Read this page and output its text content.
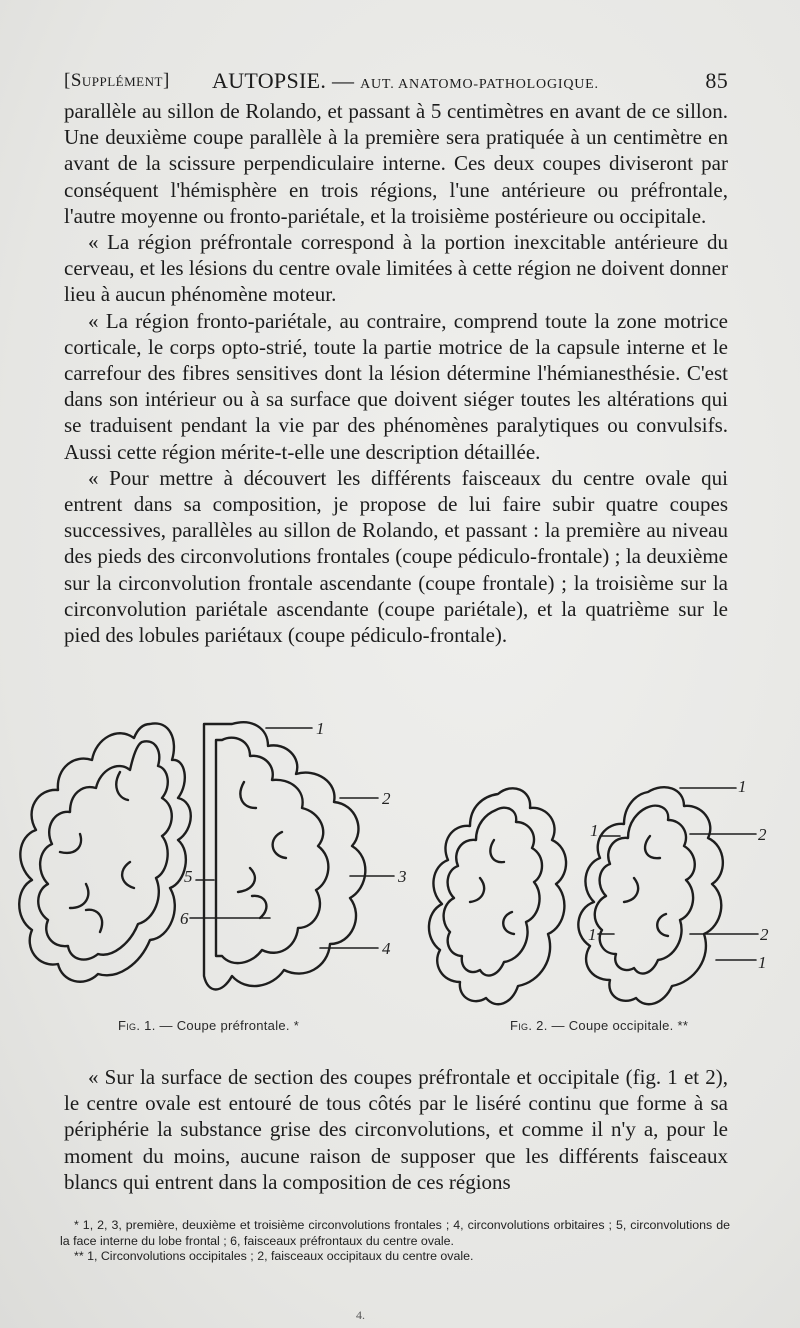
[Supplément] AUTOPSIE. — AUT. ANATOMO-PATHOLOGIQUE.	85

parallèle au sillon de Rolando, et passant à 5 centimètres en avant de ce sillon. Une deuxième coupe parallèle à la première sera pratiquée à un centimètre en avant de la scissure perpendiculaire interne. Ces deux coupes diviseront par conséquent l'hémisphère en trois régions, l'une antérieure ou préfrontale, l'autre moyenne ou fronto-pariétale, et la troisième postérieure ou occipitale.

« La région préfrontale correspond à la portion inexcitable antérieure du cerveau, et les lésions du centre ovale limitées à cette région ne doivent donner lieu à aucun phénomène moteur.

« La région fronto-pariétale, au contraire, comprend toute la zone motrice corticale, le corps opto-strié, toute la partie motrice de la capsule interne et le carrefour des fibres sensitives dont la lésion détermine l'hémianesthésie. C'est dans son intérieur ou à sa surface que doivent siéger toutes les altérations qui se traduisent pendant la vie par des phénomènes paralytiques ou convulsifs. Aussi cette région mérite-t-elle une description détaillée.

« Pour mettre à découvert les différents faisceaux du centre ovale qui entrent dans sa composition, je propose de lui faire subir quatre coupes successives, parallèles au sillon de Rolando, et passant : la première au niveau des pieds des circonvolutions frontales (coupe pédiculo-frontale) ; la deuxième sur la circonvolution frontale ascendante (coupe frontale) ; la troisième sur la circonvolution pariétale ascendante (coupe pariétale), et la quatrième sur le pied des lobules pariétaux (coupe pédiculo-frontale).

1
2
3
4
5
6
1
2
1
2
1
1
Fig. 1. — Coupe préfrontale. *	Fig. 2. — Coupe occipitale. **

« Sur la surface de section des coupes préfrontale et occipitale (fig. 1 et 2), le centre ovale est entouré de tous côtés par le liséré continu que forme à sa périphérie la substance grise des circonvolutions, et comme il n'y a, pour le moment du moins, aucune raison de supposer que les différents faisceaux blancs qui entrent dans la composition de ces régions

* 1, 2, 3, première, deuxième et troisième circonvolutions frontales ; 4, circonvolutions orbitaires ; 5, circonvolutions de la face interne du lobe frontal ; 6, faisceaux préfrontaux du centre ovale.

** 1, Circonvolutions occipitales ; 2, faisceaux occipitaux du centre ovale.

4.
